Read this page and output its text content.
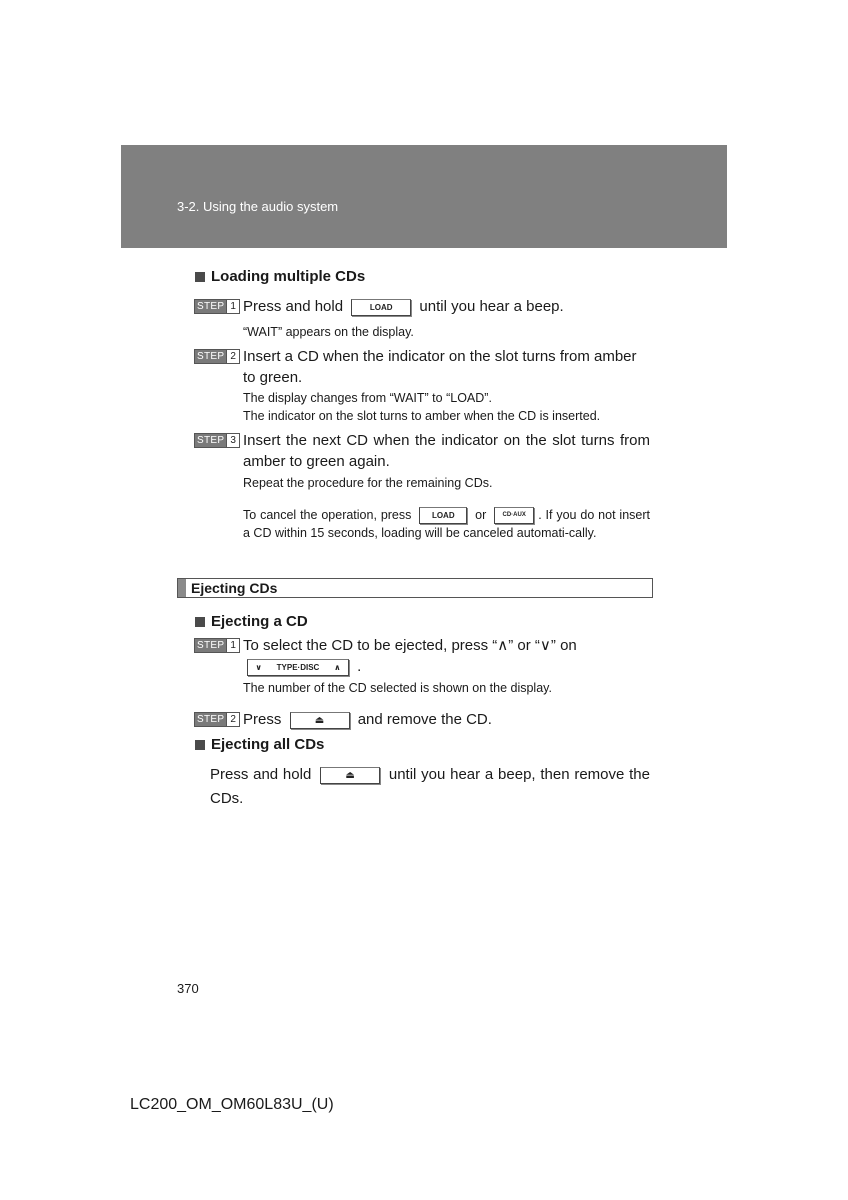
3-2. Using the audio system
Loading multiple CDs
STEP 1 Press and hold	LOAD until you hear a beep.
“WAIT” appears on the display.
STEP 2 Insert a CD when the indicator on the slot turns from amber to green.
The display changes from “WAIT” to “LOAD”.
The indicator on the slot turns to amber when the CD is inserted.
STEP 3 Insert the next CD when the indicator on the slot turns from amber to green again.
Repeat the procedure for the remaining CDs.
To cancel the operation, press	LOAD or	CD·AUX . If you do not insert a CD within 15 seconds, loading will be canceled automati-cally.
Ejecting CDs
Ejecting a CD
STEP 1 To select the CD to be ejected, press “∧” or “∨” on
∨ TYPE·DISC ∧ .
The number of the CD selected is shown on the display.
STEP 2 Press	⏏ and remove the CD.
Ejecting all CDs
Press and hold	⏏ until you hear a beep, then remove the CDs.
370
LC200_OM_OM60L83U_(U)
